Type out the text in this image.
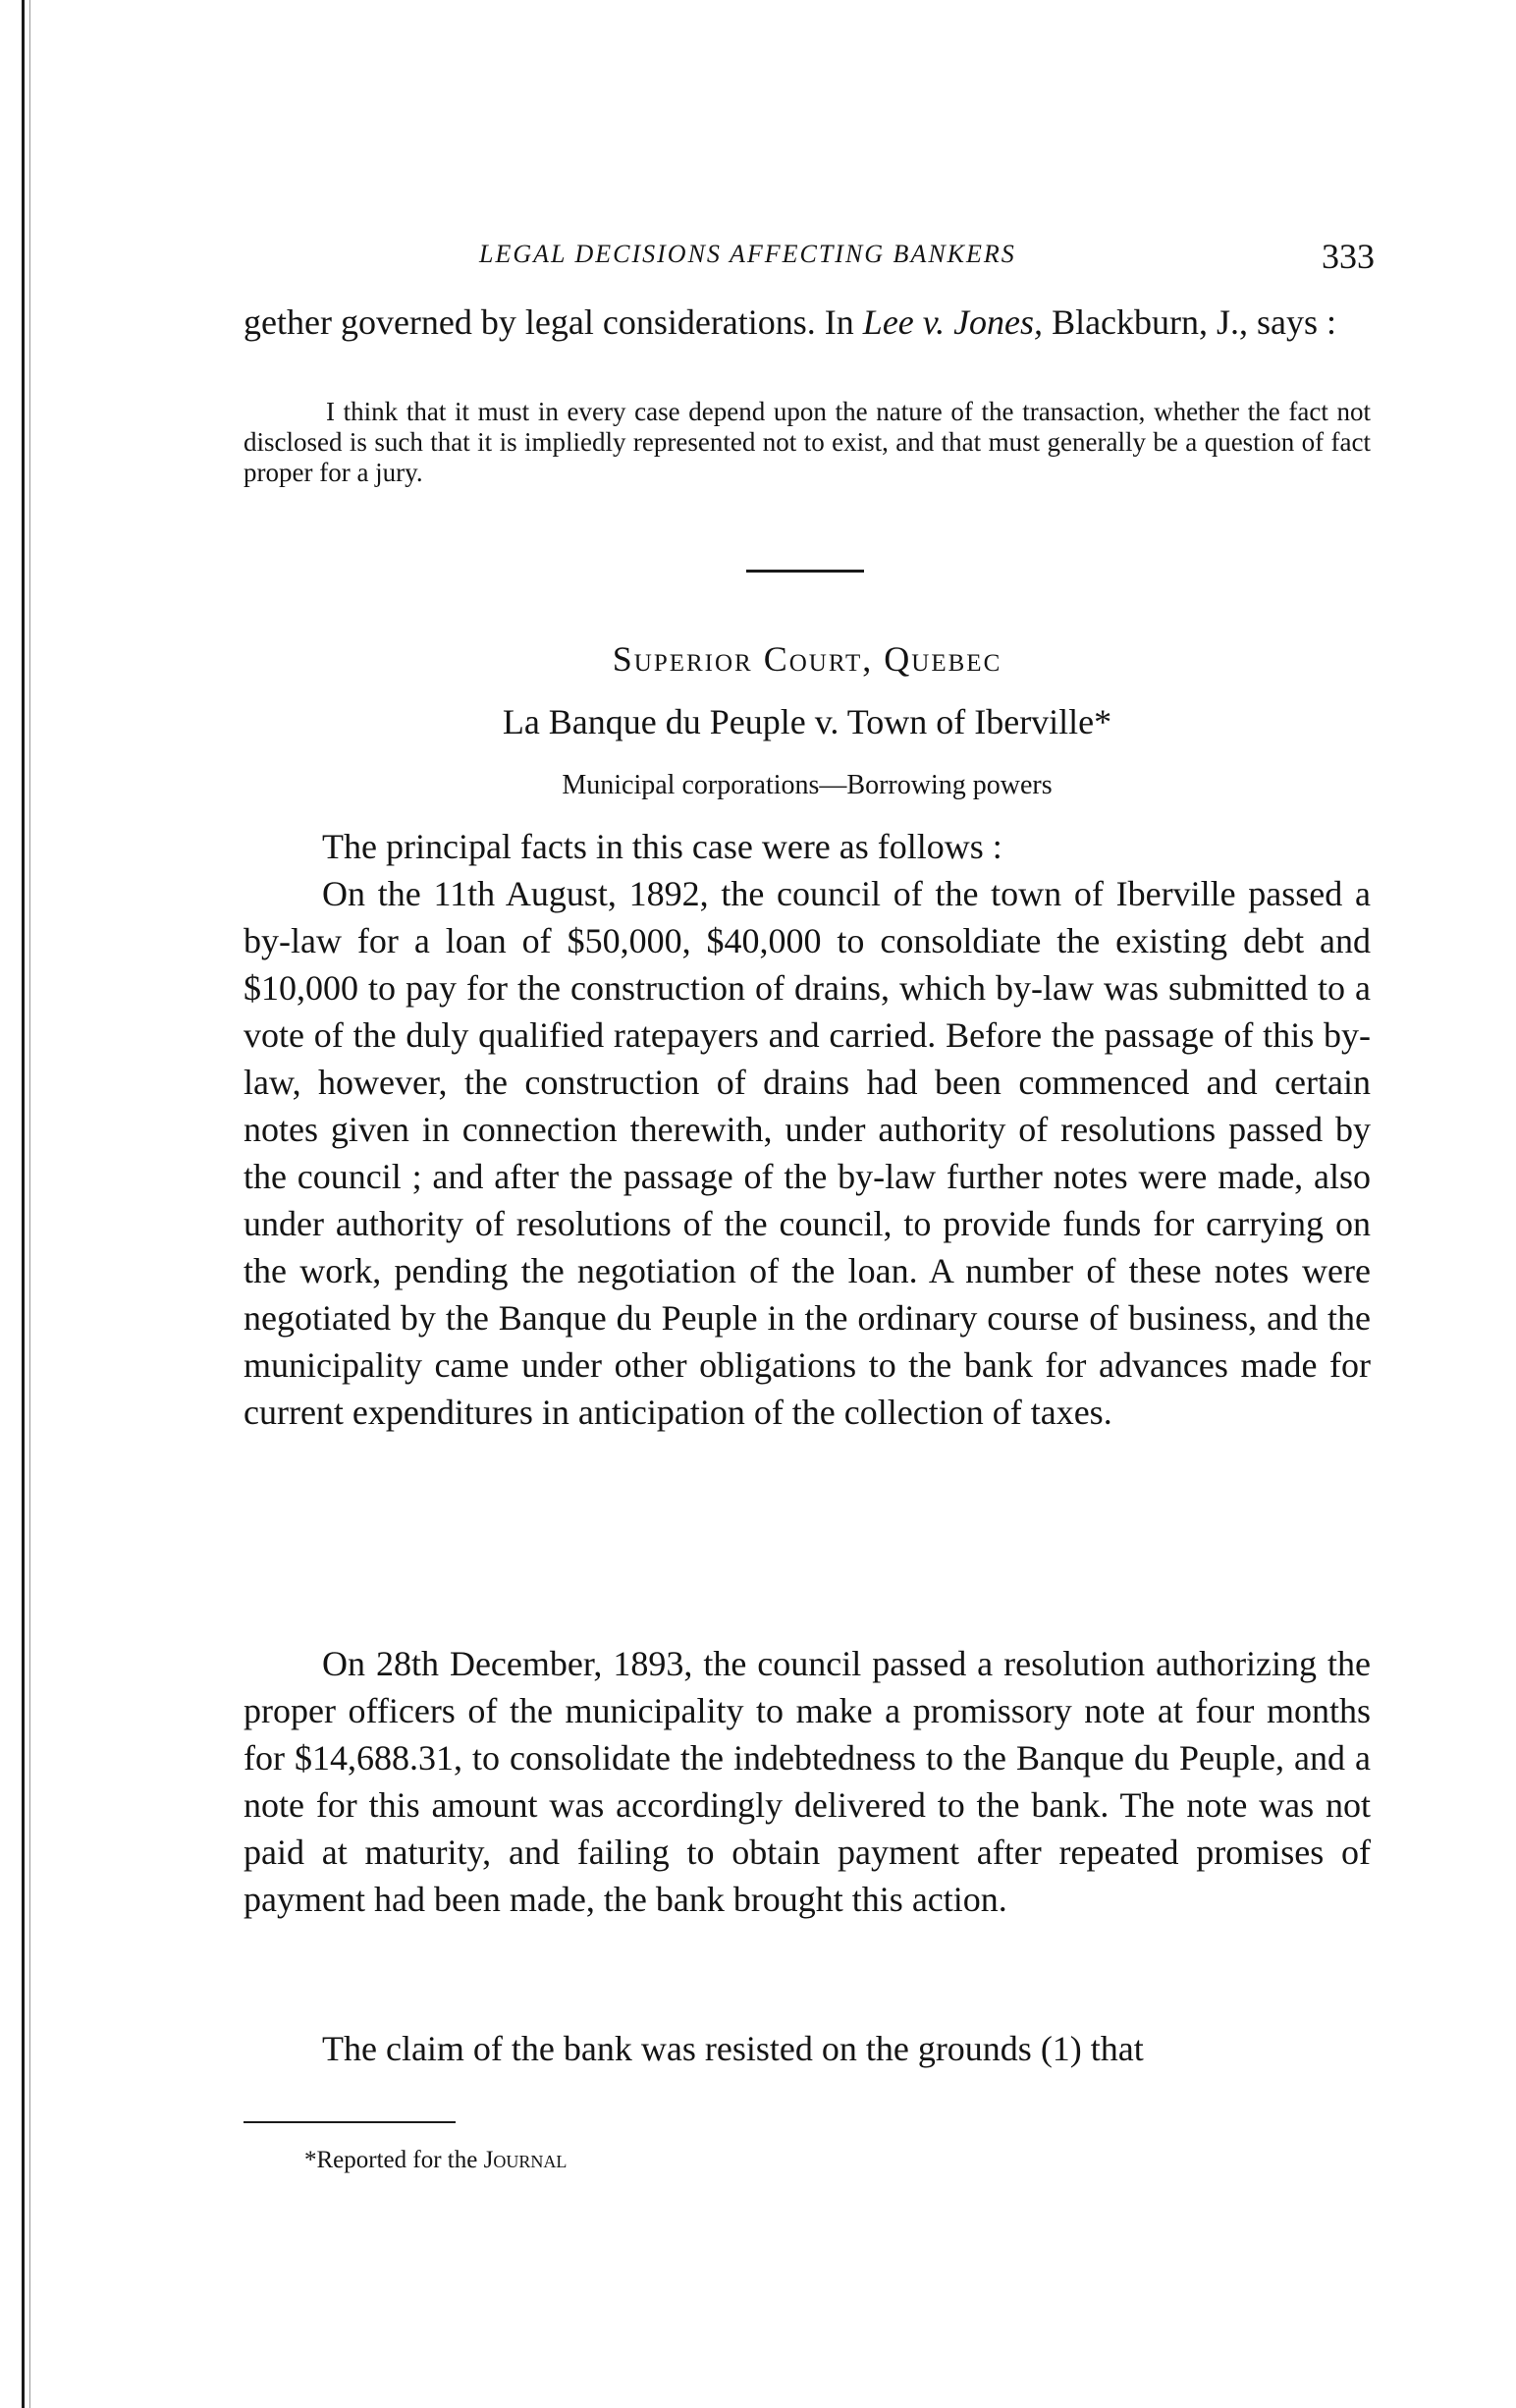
LEGAL DECISIONS AFFECTING BANKERS	333

gether governed by legal considerations. In Lee v. Jones, Blackburn, J., says :

I think that it must in every case depend upon the nature of the transaction, whether the fact not disclosed is such that it is impliedly represented not to exist, and that must generally be a question of fact proper for a jury.

Superior Court, Quebec
La Banque du Peuple v. Town of Iberville*
Municipal corporations—Borrowing powers

The principal facts in this case were as follows :

On the 11th August, 1892, the council of the town of Iberville passed a by-law for a loan of $50,000, $40,000 to consoldiate the existing debt and $10,000 to pay for the construction of drains, which by-law was submitted to a vote of the duly qualified ratepayers and carried. Before the passage of this by-law, however, the construction of drains had been commenced and certain notes given in connection therewith, under authority of resolutions passed by the council ; and after the passage of the by-law further notes were made, also under authority of resolutions of the council, to provide funds for carrying on the work, pending the negotiation of the loan. A number of these notes were negotiated by the Banque du Peuple in the ordinary course of business, and the municipality came under other obligations to the bank for advances made for current expenditures in anticipation of the collection of taxes.

On 28th December, 1893, the council passed a resolution authorizing the proper officers of the municipality to make a promissory note at four months for $14,688.31, to consolidate the indebtedness to the Banque du Peuple, and a note for this amount was accordingly delivered to the bank. The note was not paid at maturity, and failing to obtain payment after repeated promises of payment had been made, the bank brought this action.

The claim of the bank was resisted on the grounds (1) that

*Reported for the Journal
